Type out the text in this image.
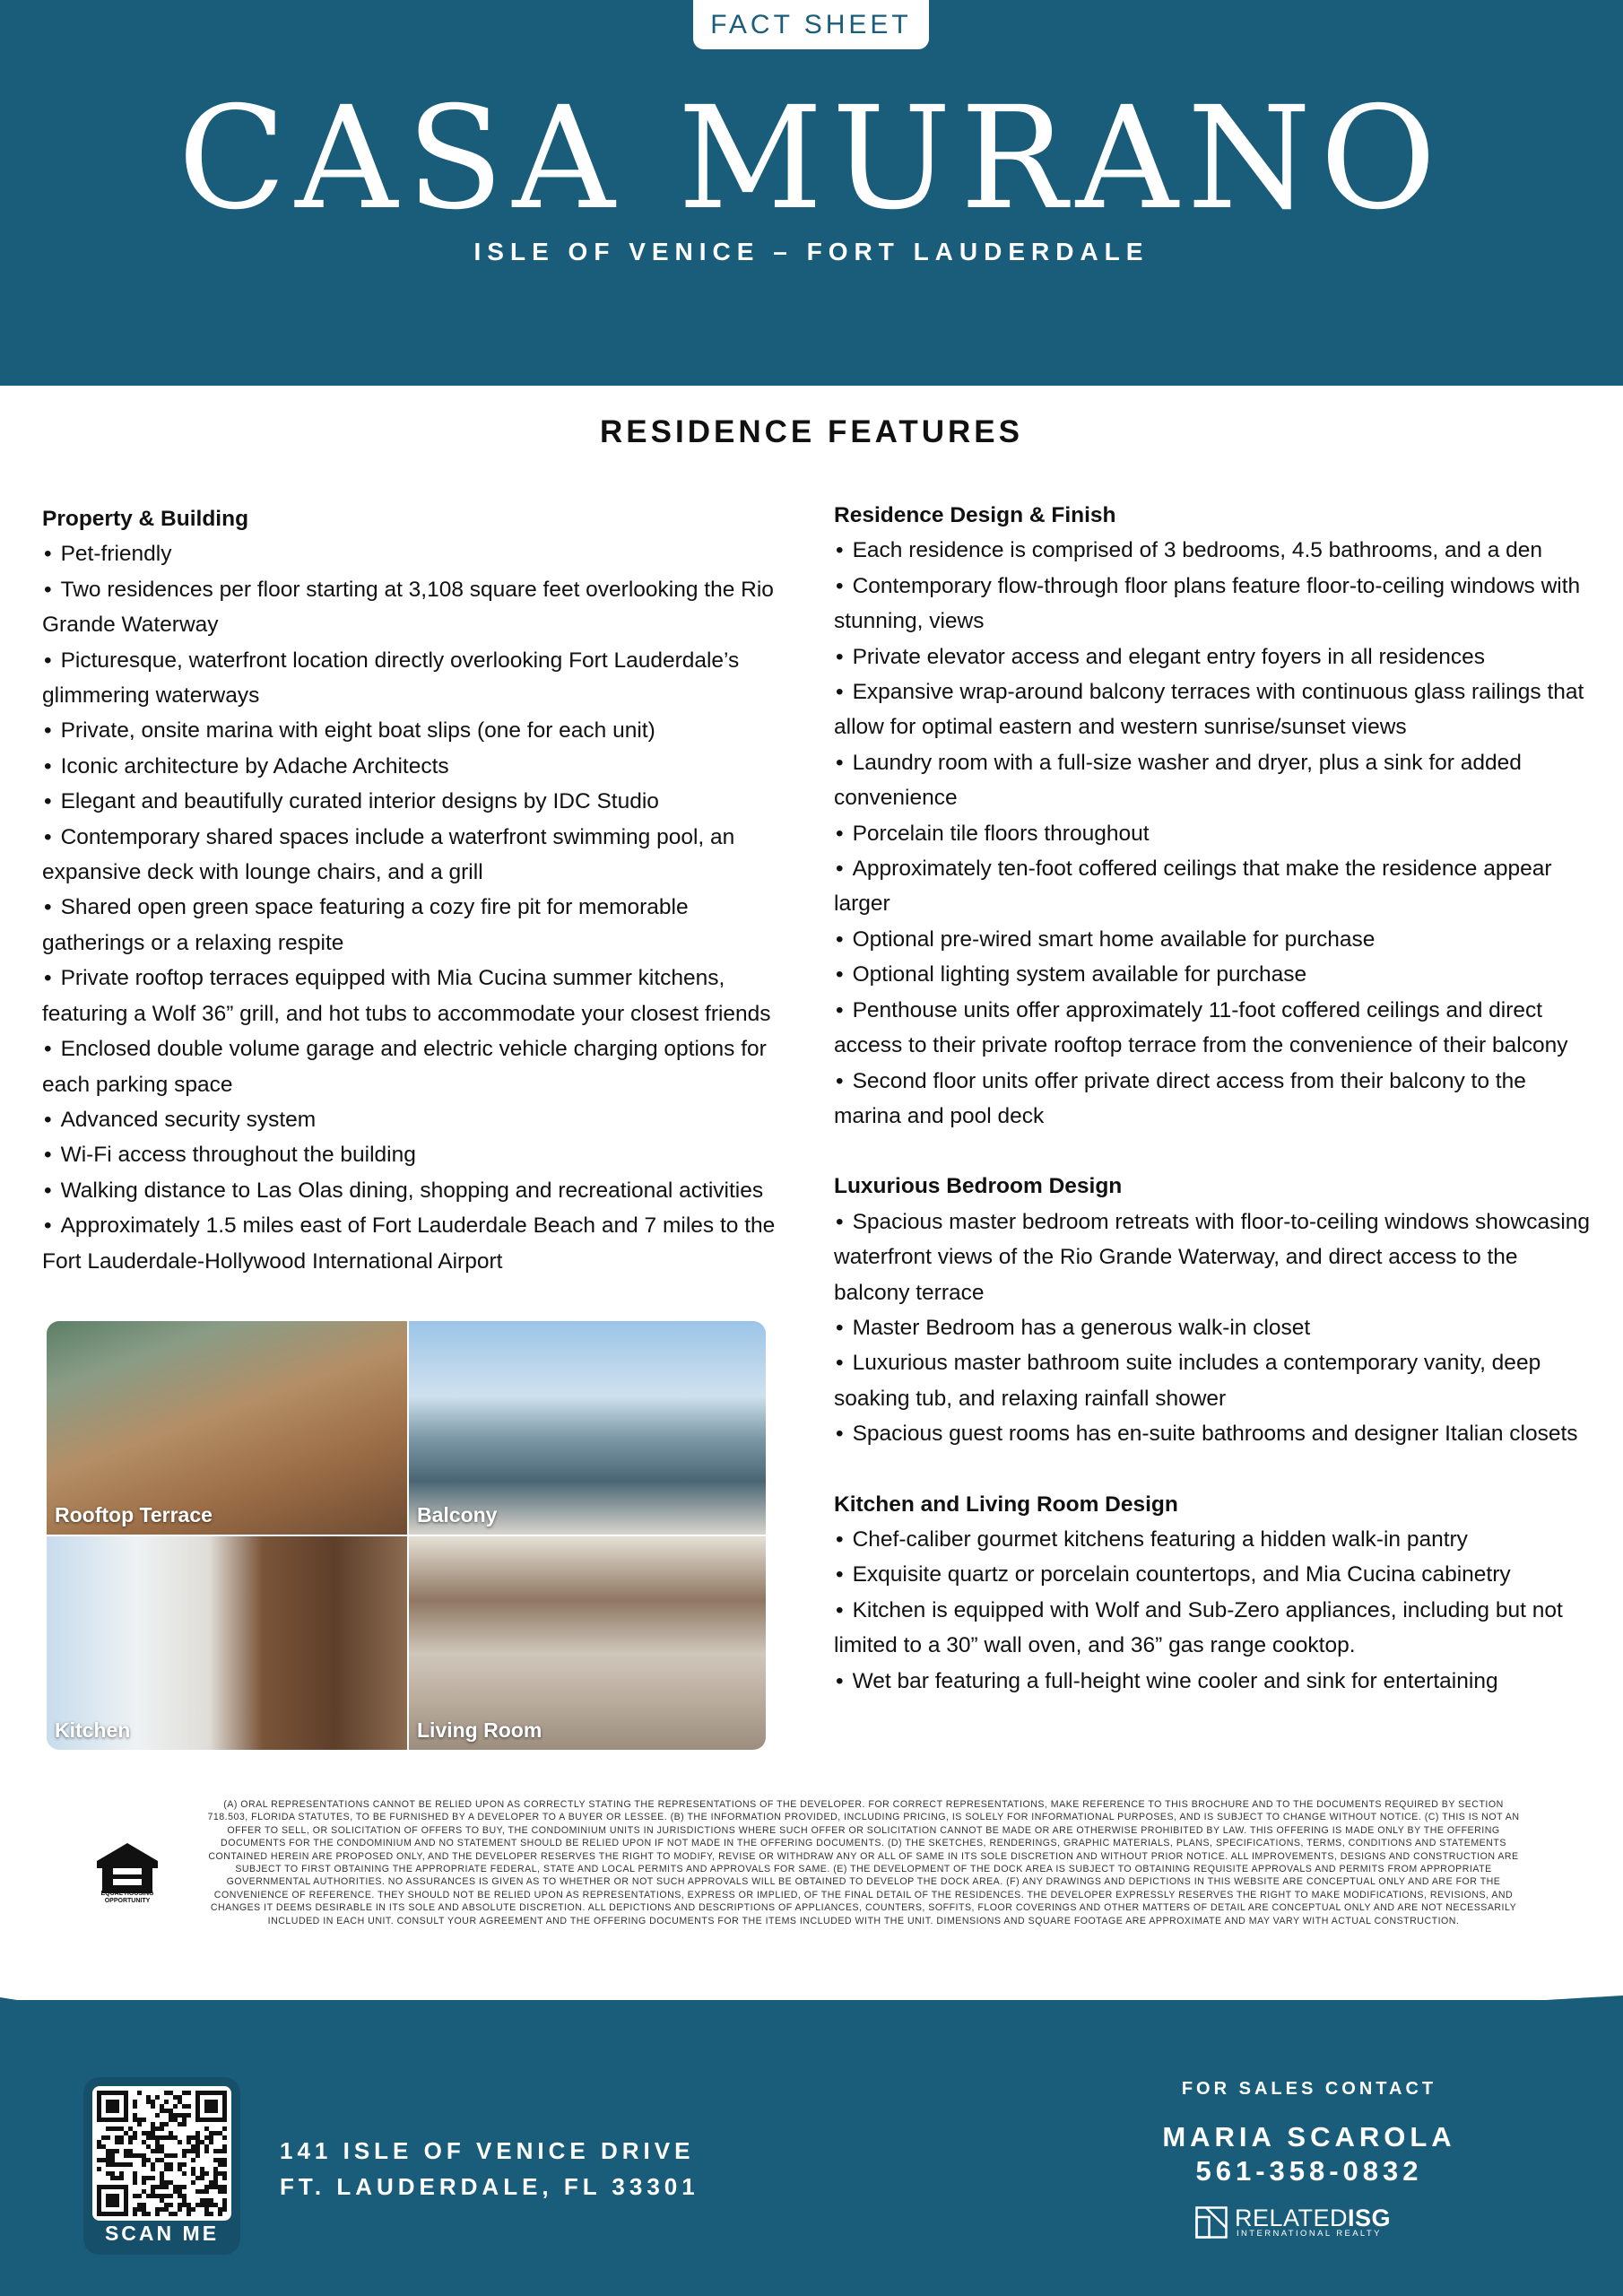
FACT SHEET
CASA MURANO
ISLE OF VENICE – FORT LAUDERDALE
RESIDENCE FEATURES
Property & Building
• Pet-friendly
• Two residences per floor starting at 3,108 square feet overlooking the Rio Grande Waterway
• Picturesque, waterfront location directly overlooking Fort Lauderdale’s glimmering waterways
• Private, onsite marina with eight boat slips (one for each unit)
• Iconic architecture by Adache Architects
• Elegant and beautifully curated interior designs by IDC Studio
• Contemporary shared spaces include a waterfront swimming pool, an expansive deck with lounge chairs, and a grill
• Shared open green space featuring a cozy fire pit for memorable gatherings or a relaxing respite
• Private rooftop terraces equipped with Mia Cucina summer kitchens, featuring a Wolf 36” grill, and hot tubs to accommodate your closest friends
• Enclosed double volume garage and electric vehicle charging options for each parking space
• Advanced security system
• Wi-Fi access throughout the building
• Walking distance to Las Olas dining, shopping and recreational activities
• Approximately 1.5 miles east of Fort Lauderdale Beach and 7 miles to the Fort Lauderdale-Hollywood International Airport
Residence Design & Finish
• Each residence is comprised of 3 bedrooms, 4.5 bathrooms, and a den
• Contemporary flow-through floor plans feature floor-to-ceiling windows with stunning, views
• Private elevator access and elegant entry foyers in all residences
• Expansive wrap-around balcony terraces with continuous glass railings that allow for optimal eastern and western sunrise/sunset views
• Laundry room with a full-size washer and dryer, plus a sink for added convenience
• Porcelain tile floors throughout
• Approximately ten-foot coffered ceilings that make the residence appear larger
• Optional pre-wired smart home available for purchase
• Optional lighting system available for purchase
• Penthouse units offer approximately 11-foot coffered ceilings and direct access to their private rooftop terrace from the convenience of their balcony
• Second floor units offer private direct access from their balcony to the marina and pool deck
Luxurious Bedroom Design
• Spacious master bedroom retreats with floor-to-ceiling windows showcasing waterfront views of the Rio Grande Waterway, and direct access to the balcony terrace
• Master Bedroom has a generous walk-in closet
• Luxurious master bathroom suite includes a contemporary vanity, deep soaking tub, and relaxing rainfall shower
• Spacious guest rooms has en-suite bathrooms and designer Italian closets
Kitchen and Living Room Design
• Chef-caliber gourmet kitchens featuring a hidden walk-in pantry
• Exquisite quartz or porcelain countertops, and Mia Cucina cabinetry
• Kitchen is equipped with Wolf and Sub-Zero appliances, including but not limited to a 30” wall oven, and 36” gas range cooktop.
• Wet bar featuring a full-height wine cooler and sink for entertaining
Rooftop Terrace	Balcony
Kitchen	Living Room
EQUAL HOUSING
OPPORTUNITY
(A) ORAL REPRESENTATIONS CANNOT BE RELIED UPON AS CORRECTLY STATING THE REPRESENTATIONS OF THE DEVELOPER. FOR CORRECT REPRESENTATIONS, MAKE REFERENCE TO THIS BROCHURE AND TO THE DOCUMENTS REQUIRED BY SECTION 718.503, FLORIDA STATUTES, TO BE FURNISHED BY A DEVELOPER TO A BUYER OR LESSEE. (B) THE INFORMATION PROVIDED, INCLUDING PRICING, IS SOLELY FOR INFORMATIONAL PURPOSES, AND IS SUBJECT TO CHANGE WITHOUT NOTICE. (C) THIS IS NOT AN OFFER TO SELL, OR SOLICITATION OF OFFERS TO BUY, THE CONDOMINIUM UNITS IN JURISDICTIONS WHERE SUCH OFFER OR SOLICITATION CANNOT BE MADE OR ARE OTHERWISE PROHIBITED BY LAW. THIS OFFERING IS MADE ONLY BY THE OFFERING DOCUMENTS FOR THE CONDOMINIUM AND NO STATEMENT SHOULD BE RELIED UPON IF NOT MADE IN THE OFFERING DOCUMENTS. (D) THE SKETCHES, RENDERINGS, GRAPHIC MATERIALS, PLANS, SPECIFICATIONS, TERMS, CONDITIONS AND STATEMENTS CONTAINED HEREIN ARE PROPOSED ONLY, AND THE DEVELOPER RESERVES THE RIGHT TO MODIFY, REVISE OR WITHDRAW ANY OR ALL OF SAME IN ITS SOLE DISCRETION AND WITHOUT PRIOR NOTICE. ALL IMPROVEMENTS, DESIGNS AND CONSTRUCTION ARE SUBJECT TO FIRST OBTAINING THE APPROPRIATE FEDERAL, STATE AND LOCAL PERMITS AND APPROVALS FOR SAME. (E) THE DEVELOPMENT OF THE DOCK AREA IS SUBJECT TO OBTAINING REQUISITE APPROVALS AND PERMITS FROM APPROPRIATE GOVERNMENTAL AUTHORITIES. NO ASSURANCES IS GIVEN AS TO WHETHER OR NOT SUCH APPROVALS WILL BE OBTAINED TO DEVELOP THE DOCK AREA. (F) ANY DRAWINGS AND DEPICTIONS IN THIS WEBSITE ARE CONCEPTUAL ONLY AND ARE FOR THE CONVENIENCE OF REFERENCE. THEY SHOULD NOT BE RELIED UPON AS REPRESENTATIONS, EXPRESS OR IMPLIED, OF THE FINAL DETAIL OF THE RESIDENCES. THE DEVELOPER EXPRESSLY RESERVES THE RIGHT TO MAKE MODIFICATIONS, REVISIONS, AND CHANGES IT DEEMS DESIRABLE IN ITS SOLE AND ABSOLUTE DISCRETION. ALL DEPICTIONS AND DESCRIPTIONS OF APPLIANCES, COUNTERS, SOFFITS, FLOOR COVERINGS AND OTHER MATTERS OF DETAIL ARE CONCEPTUAL ONLY AND ARE NOT NECESSARILY INCLUDED IN EACH UNIT. CONSULT YOUR AGREEMENT AND THE OFFERING DOCUMENTS FOR THE ITEMS INCLUDED WITH THE UNIT. DIMENSIONS AND SQUARE FOOTAGE ARE APPROXIMATE AND MAY VARY WITH ACTUAL CONSTRUCTION.
SCAN ME
141 ISLE OF VENICE DRIVE
FT. LAUDERDALE, FL 33301
FOR SALES CONTACT
MARIA SCAROLA
561-358-0832
RELATEDISG
INTERNATIONAL REALTY
